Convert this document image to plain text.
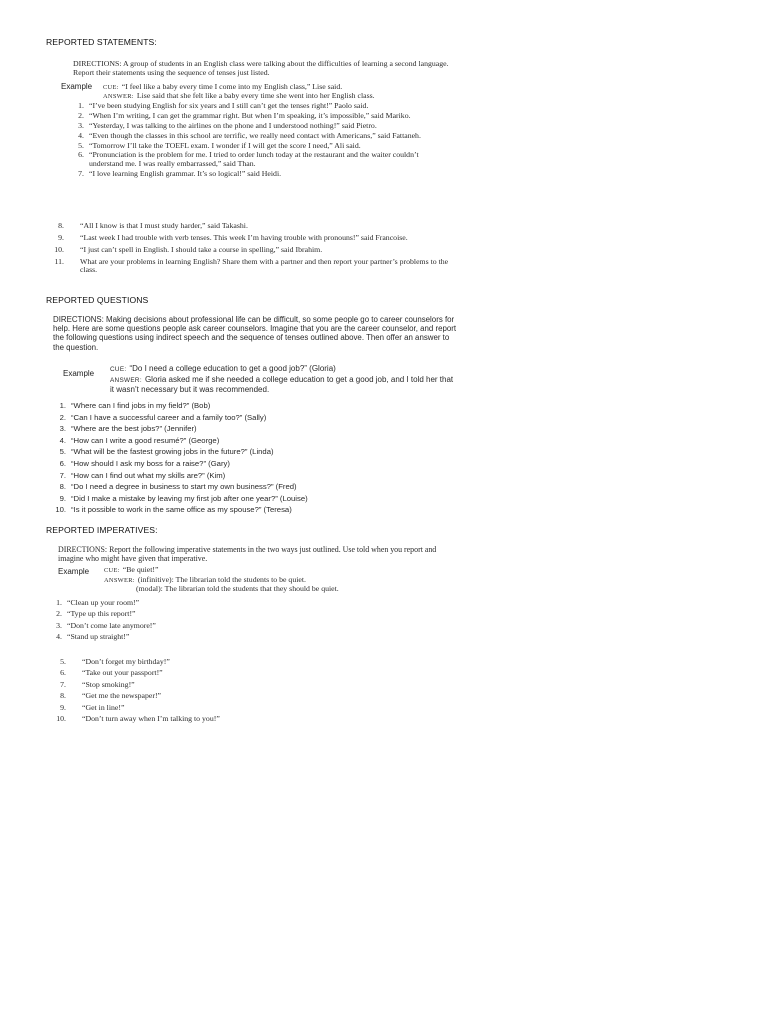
REPORTED STATEMENTS:
DIRECTIONS: A group of students in an English class were talking about the difficulties of learning a second language. Report their statements using the sequence of tenses just listed.
Example CUE: “I feel like a baby every time I come into my English class,” Lise said.
ANSWER: Lise said that she felt like a baby every time she went into her English class.
1. “I’ve been studying English for six years and I still can’t get the tenses right!” Paolo said.
2. “When I’m writing, I can get the grammar right. But when I’m speaking, it’s impossible,” said Mariko.
3. “Yesterday, I was talking to the airlines on the phone and I understood nothing!” said Pietro.
4. “Even though the classes in this school are terrific, we really need contact with Americans,” said Fattaneh.
5. “Tomorrow I’ll take the TOEFL exam. I wonder if I will get the score I need,” Ali said.
6. “Pronunciation is the problem for me. I tried to order lunch today at the restaurant and the waiter couldn’t understand me. I was really embarrassed,” said Than.
7. “I love learning English grammar. It’s so logical!” said Heidi.
8. “All I know is that I must study harder,” said Takashi.
9. “Last week I had trouble with verb tenses. This week I’m having trouble with pronouns!” said Francoise.
10. “I just can’t spell in English. I should take a course in spelling,” said Ibrahim.
11. What are your problems in learning English? Share them with a partner and then report your partner’s problems to the class.
REPORTED QUESTIONS
DIRECTIONS: Making decisions about professional life can be difficult, so some people go to career counselors for help. Here are some questions people ask career counselors. Imagine that you are the career counselor, and report the following questions using indirect speech and the sequence of tenses outlined above. Then offer an answer to the question.
Example CUE: “Do I need a college education to get a good job?” (Gloria)
ANSWER: Gloria asked me if she needed a college education to get a good job, and I told her that it wasn’t necessary but it was recommended.
1. “Where can I find jobs in my field?” (Bob)
2. “Can I have a successful career and a family too?” (Sally)
3. “Where are the best jobs?” (Jennifer)
4. “How can I write a good resumé?” (George)
5. “What will be the fastest growing jobs in the future?” (Linda)
6. “How should I ask my boss for a raise?” (Gary)
7. “How can I find out what my skills are?” (Kim)
8. “Do I need a degree in business to start my own business?” (Fred)
9. “Did I make a mistake by leaving my first job after one year?” (Louise)
10. “Is it possible to work in the same office as my spouse?” (Teresa)
REPORTED IMPERATIVES:
DIRECTIONS: Report the following imperative statements in the two ways just outlined. Use told when you report and imagine who might have given that imperative.
Example CUE: “Be quiet!”
ANSWER: (infinitive): The librarian told the students to be quiet.
(modal): The librarian told the students that they should be quiet.
1. “Clean up your room!”
2. “Type up this report!”
3. “Don’t come late anymore!”
4. “Stand up straight!”
5. “Don’t forget my birthday!”
6. “Take out your passport!”
7. “Stop smoking!”
8. “Get me the newspaper!”
9. “Get in line!”
10. “Don’t turn away when I’m talking to you!”
